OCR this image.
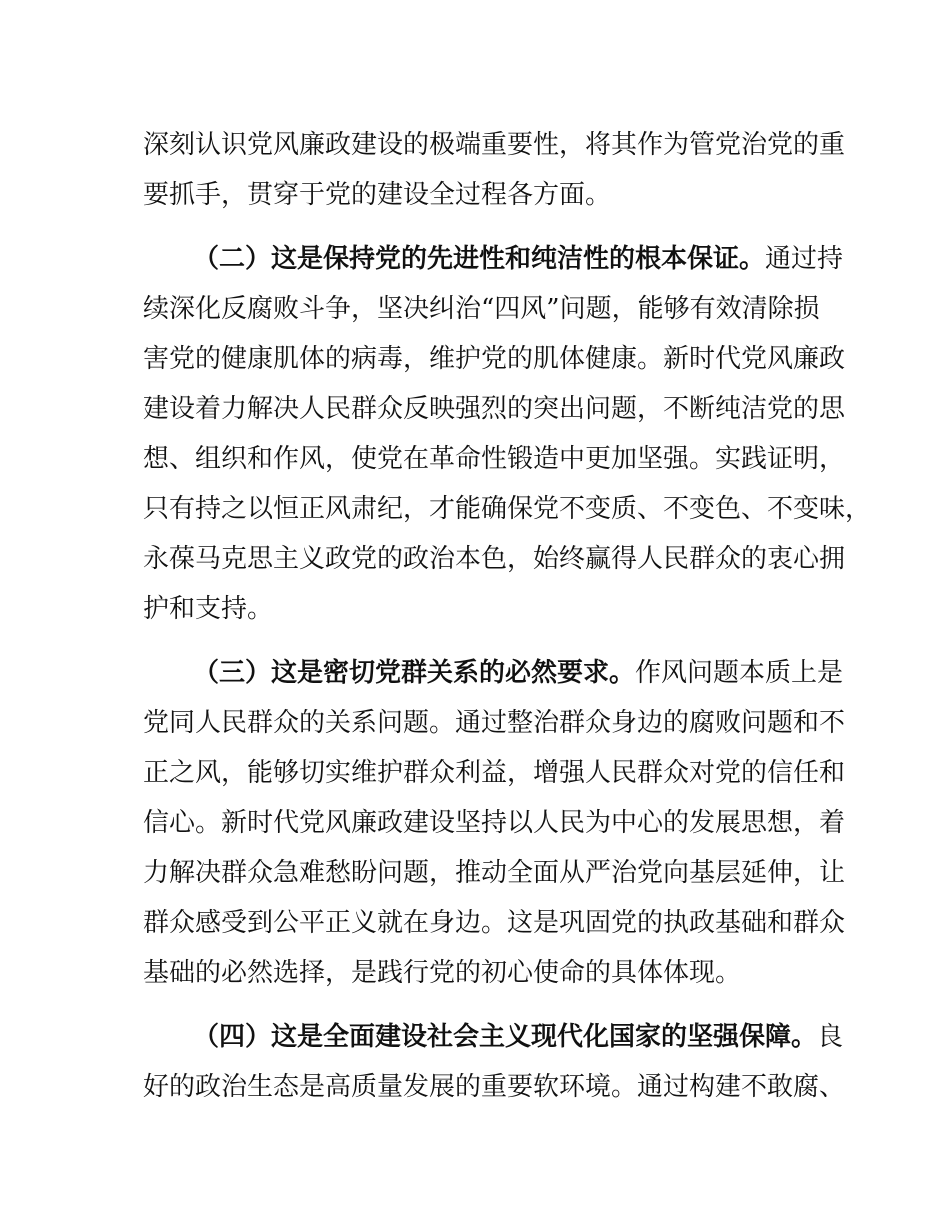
深刻认识党风廉政建设的极端重要性，将其作为管党治党的重
要抓手，贯穿于党的建设全过程各方面。
（二）这是保持党的先进性和纯洁性的根本保证。通过持
续深化反腐败斗争，坚决纠治“四风”问题，能够有效清除损
害党的健康肌体的病毒，维护党的肌体健康。新时代党风廉政
建设着力解决人民群众反映强烈的突出问题，不断纯洁党的思
想、组织和作风，使党在革命性锻造中更加坚强。实践证明，
只有持之以恒正风肃纪，才能确保党不变质、不变色、不变味，
永葆马克思主义政党的政治本色，始终赢得人民群众的衷心拥
护和支持。
（三）这是密切党群关系的必然要求。作风问题本质上是
党同人民群众的关系问题。通过整治群众身边的腐败问题和不
正之风，能够切实维护群众利益，增强人民群众对党的信任和
信心。新时代党风廉政建设坚持以人民为中心的发展思想，着
力解决群众急难愁盼问题，推动全面从严治党向基层延伸，让
群众感受到公平正义就在身边。这是巩固党的执政基础和群众
基础的必然选择，是践行党的初心使命的具体体现。
（四）这是全面建设社会主义现代化国家的坚强保障。良
好的政治生态是高质量发展的重要软环境。通过构建不敢腐、
